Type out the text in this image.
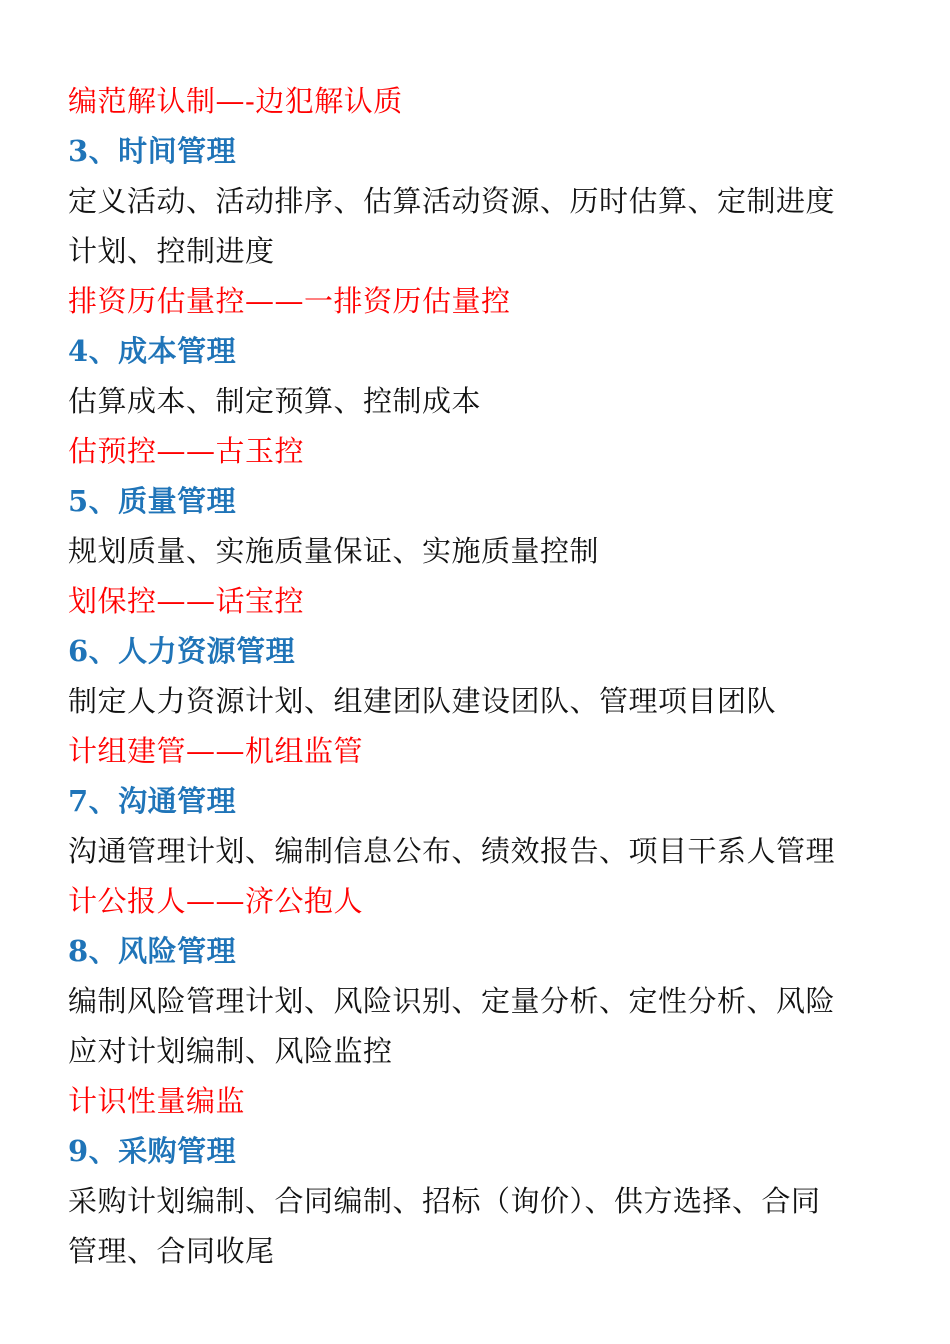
编范解认制—-边犯解认质
3、时间管理
定义活动、活动排序、估算活动资源、历时估算、定制进度
计划、控制进度
排资历估量控——一排资历估量控
4、成本管理
估算成本、制定预算、控制成本
估预控——古玉控
5、质量管理
规划质量、实施质量保证、实施质量控制
划保控——话宝控
6、人力资源管理
制定人力资源计划、组建团队建设团队、管理项目团队
计组建管——机组监管
7、沟通管理
沟通管理计划、编制信息公布、绩效报告、项目干系人管理
计公报人——济公抱人
8、风险管理
编制风险管理计划、风险识别、定量分析、定性分析、风险
应对计划编制、风险监控
计识性量编监
9、采购管理
采购计划编制、合同编制、招标（询价）、供方选择、合同
管理、合同收尾
